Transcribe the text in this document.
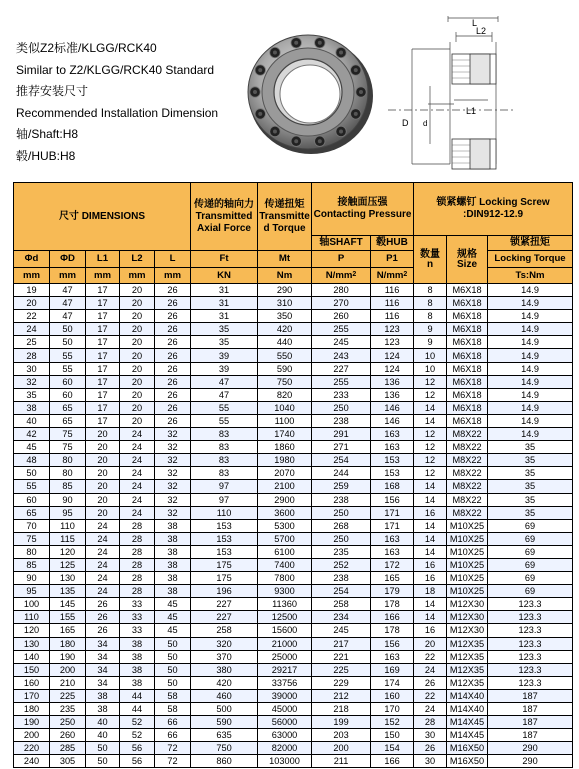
类似Z2标准/KLGG/RCK40
Similar to Z2/KLGG/RCK40 Standard
推荐安装尺寸
Recommended Installation Dimension
轴/Shaft:H8
毂/HUB:H8
L
L2
L1
D d
尺寸 DIMENSIONS					传递的轴向力
Transmitted
Axial Force	传递扭矩
Transmitte
d Torque	接触面压强
Contacting Pressure		锁紧螺钉 Locking Screw
:DIN912-12.9		
							轴SHAFT	毂HUB	数量
n	规格
Size	锁紧扭矩
Φd	ΦD	L1	L2	L	Ft	Mt	P	P1			Locking Torque
mm	mm	mm	mm	mm	KN	Nm	$N/mm^2$	$N/mm^2$			Ts:Nm
19	47	17	20	26	31	290	280	116	8	M6X18	14.9
20	47	17	20	26	31	310	270	116	8	M6X18	14.9
22	47	17	20	26	31	350	260	116	8	M6X18	14.9
24	50	17	20	26	35	420	255	123	9	M6X18	14.9
25	50	17	20	26	35	440	245	123	9	M6X18	14.9
28	55	17	20	26	39	550	243	124	10	M6X18	14.9
30	55	17	20	26	39	590	227	124	10	M6X18	14.9
32	60	17	20	26	47	750	255	136	12	M6X18	14.9
35	60	17	20	26	47	820	233	136	12	M6X18	14.9
38	65	17	20	26	55	1040	250	146	14	M6X18	14.9
40	65	17	20	26	55	1100	238	146	14	M6X18	14.9
42	75	20	24	32	83	1740	291	163	12	M8X22	14.9
45	75	20	24	32	83	1860	271	163	12	M8X22	35
48	80	20	24	32	83	1980	254	153	12	M8X22	35
50	80	20	24	32	83	2070	244	153	12	M8X22	35
55	85	20	24	32	97	2100	259	168	14	M8X22	35
60	90	20	24	32	97	2900	238	156	14	M8X22	35
65	95	20	24	32	110	3600	250	171	16	M8X22	35
70	110	24	28	38	153	5300	268	171	14	M10X25	69
75	115	24	28	38	153	5700	250	163	14	M10X25	69
80	120	24	28	38	153	6100	235	163	14	M10X25	69
85	125	24	28	38	175	7400	252	172	16	M10X25	69
90	130	24	28	38	175	7800	238	165	16	M10X25	69
95	135	24	28	38	196	9300	254	179	18	M10X25	69
100	145	26	33	45	227	11360	258	178	14	M12X30	123.3
110	155	26	33	45	227	12500	234	166	14	M12X30	123.3
120	165	26	33	45	258	15600	245	178	16	M12X30	123.3
130	180	34	38	50	320	21000	217	156	20	M12X35	123.3
140	190	34	38	50	370	25000	221	163	22	M12X35	123.3
150	200	34	38	50	380	29217	225	169	24	M12X35	123.3
160	210	34	38	50	420	33756	229	174	26	M12X35	123.3
170	225	38	44	58	460	39000	212	160	22	M14X40	187
180	235	38	44	58	500	45000	218	170	24	M14X40	187
190	250	40	52	66	590	56000	199	152	28	M14X45	187
200	260	40	52	66	635	63000	203	150	30	M14X45	187
220	285	50	56	72	750	82000	200	154	26	M16X50	290
240	305	50	56	72	860	103000	211	166	30	M16X50	290
